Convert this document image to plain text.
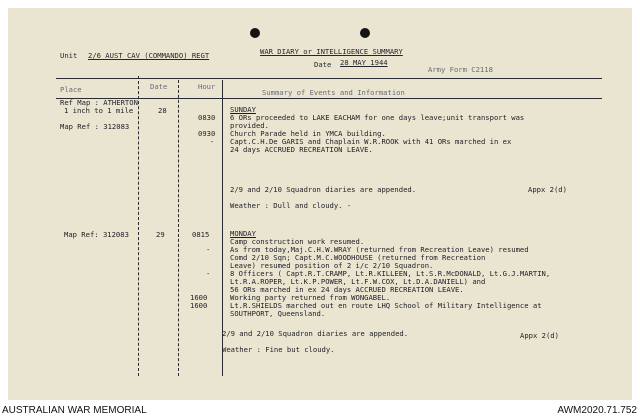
WAR DIARY or INTELLIGENCE SUMMARY
Unit 2/6 AUST CAV (COMMANDO) REGT
Date 28 MAY 1944
Army Form C2118
Place	Date	Hour
Summary of Events and Information
Ref Map : ATHERTON
1 inch to 1 mile
Map Ref : 312083
28	SUNDAY
0830 6 ORs proceeded to LAKE EACHAM for one days leave;unit transport was
provided.
0930 Church Parade held in YMCA building.
- Capt.C.H.De GARIS and Chaplain W.R.ROOK with 41 ORs marched in ex
24 days ACCRUED RECREATION LEAVE.
2/9 and 2/10 Squadron diaries are appended.	Appx 2(d)
Weather : Dull and cloudy. -
Map Ref: 312083	29	0815	MONDAY
Camp construction work resumed.
-	As from today,Maj.C.H.W.WRAY (returned from Recreation Leave) resumed
Comd 2/10 Sqn; Capt.M.C.WOODHOUSE (returned from Recreation
Leave) resumed position of 2 i/c 2/10 Squadron.
-	8 Officers ( Capt.R.T.CRAMP, Lt.R.KILLEEN, Lt.S.R.McDONALD, Lt.G.J.MARTIN,
Lt.R.A.ROPER, Lt.K.P.POWER, Lt.F.W.COX, Lt.D.A.DANIELL) and
56 ORs marched in ex 24 days ACCRUED RECREATION LEAVE.
1600	Working party returned from WONGABEL.
1600	Lt.R.SHIELDS marched out en route LHQ School of Military Intelligence at
SOUTHPORT, Queensland.
2/9 and 2/10 Squadron diaries are appended.	Appx 2(d)
Weather : Fine but cloudy.
AUSTRALIAN WAR MEMORIAL	AWM2020.71.752
